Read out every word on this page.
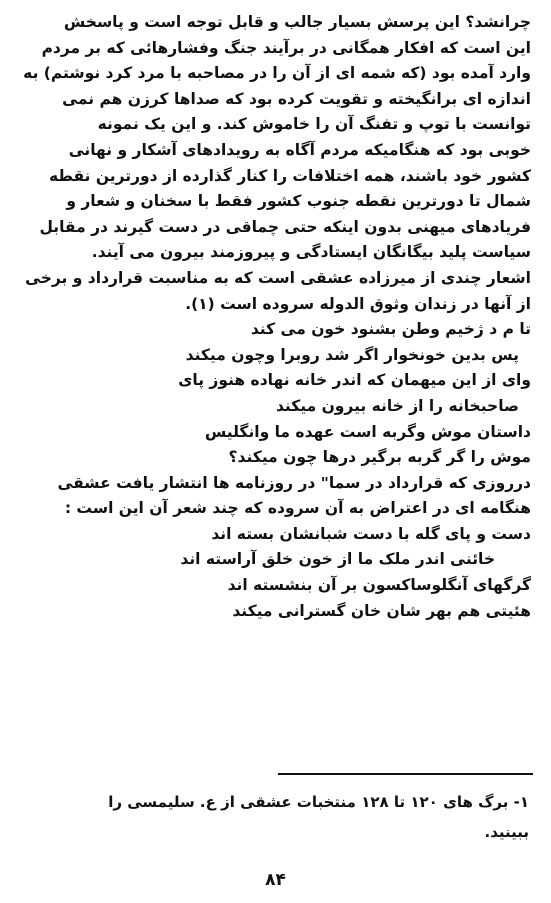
چرانشد؟ این پرسش بسیار جالب و قابل توجه است و پاسخش
این است که افکار همگانی در برآیند جنگ وفشارهائی که بر مردم
وارد آمده بود (که شمه ای از آن را در مصاحبه با مرد کرد نوشتم) به
اندازه ای برانگیخته و تقویت کرده بود که صداها کرزن هم نمی
توانست با توپ و تفنگ آن را خاموش کند. و این یک نمونه
خوبی بود که هنگامیکه مردم آگاه به رویدادهای آشکار و نهانی
کشور خود باشند، همه اختلافات را کنار گذارده از دورترین نقطه
شمال تا دورترین نقطه جنوب کشور فقط با سخنان و شعار و
فریادهای میهنی بدون اینکه حتی چماقی در دست گیرند در مقابل
سیاست پلید بیگانگان ایستادگی و پیروزمند بیرون می آیند.
اشعار چندی از میرزاده عشقی است که به مناسبت قرارداد و برخی
از آنها در زندان وثوق الدوله سروده است (۱).
تا م د ژخیم وطن بشنود خون می کند
پس بدین خونخوار اگر شد روبرا وچون میکند
وای از این میهمان که اندر خانه نهاده هنوز پای
صاحبخانه را از خانه بیرون میکند
داستان موش وگربه است عهده ما وانگلیس
موش را گر گربه برگیر درها چون میکند؟
درروزی که قرارداد در سما" در روزنامه ها انتشار یافت عشقی
هنگامه ای در اعتراض به آن سروده که چند شعر آن این است :
دست و پای گله با دست شبانشان بسته اند
خائنی اندر ملک ما از خون خلق آراسته اند
گرگهای آنگلوساکسون بر آن بنشسته اند
هئیتی هم بهر شان خان گسترانی میکند
۱- برگ های ۱۲۰ تا ۱۲۸ منتخبات عشقی از ع. سلیمسی را
ببینید.
۸۴
